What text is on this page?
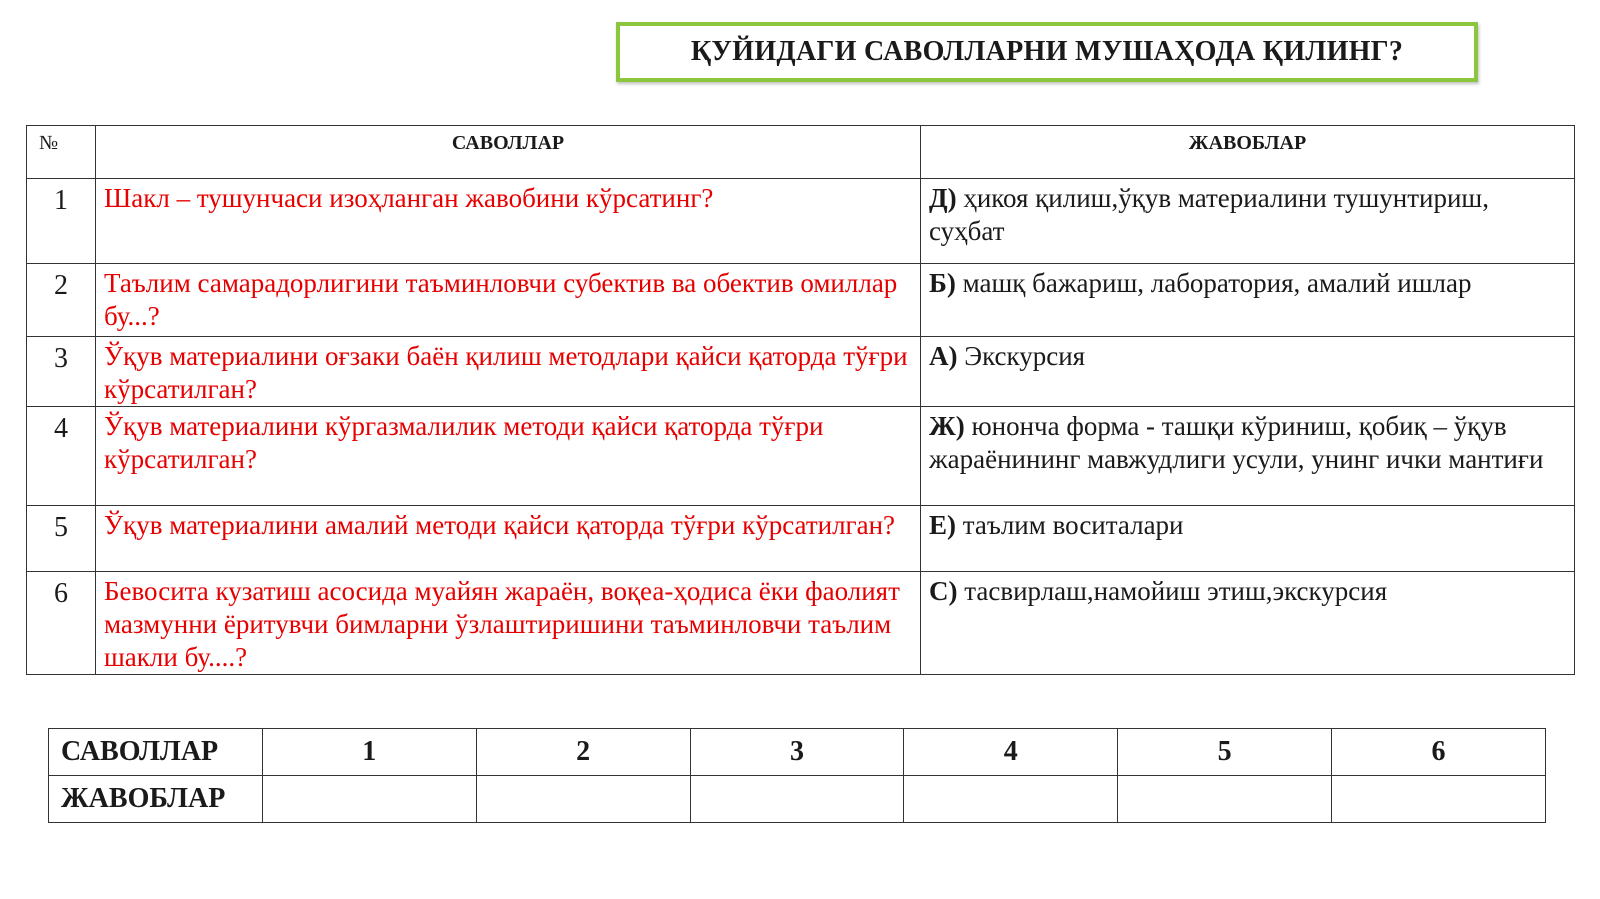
ҚУЙИДАГИ САВОЛЛАРНИ МУШАҲОДА ҚИЛИНГ?
№	САВОЛЛАР	ЖАВОБЛАР
1	Шакл – тушунчаси изоҳланган жавобини кўрсатинг?	Д) ҳикоя қилиш,ўқув материалини тушунтириш, суҳбат
2	Таълим самарадорлигини таъминловчи субектив ва обектив омиллар бу...?	Б) машқ бажариш, лаборатория, амалий ишлар
3	Ўқув материалини оғзаки баён қилиш методлари қайси қаторда тўғри кўрсатилган?	А) Экскурсия
4	Ўқув материалини кўргазмалилик методи қайси қаторда тўғри кўрсатилган?	Ж) юнонча форма - ташқи кўриниш, қобиқ – ўқув жараёнининг мавжудлиги усули, унинг ички мантиғи
5	Ўқув материалини амалий методи қайси қаторда тўғри кўрсатилган?	Е) таълим воситалари
6	Бевосита кузатиш асосида муайян жараён, воқеа-ҳодиса ёки фаолият мазмунни ёритувчи бимларни ўзлаштиришини таъминловчи таълим шакли бу....?	С) тасвирлаш,намойиш этиш,экскурсия
САВОЛЛАР	1	2	3	4	5	6
ЖАВОБЛАР						
